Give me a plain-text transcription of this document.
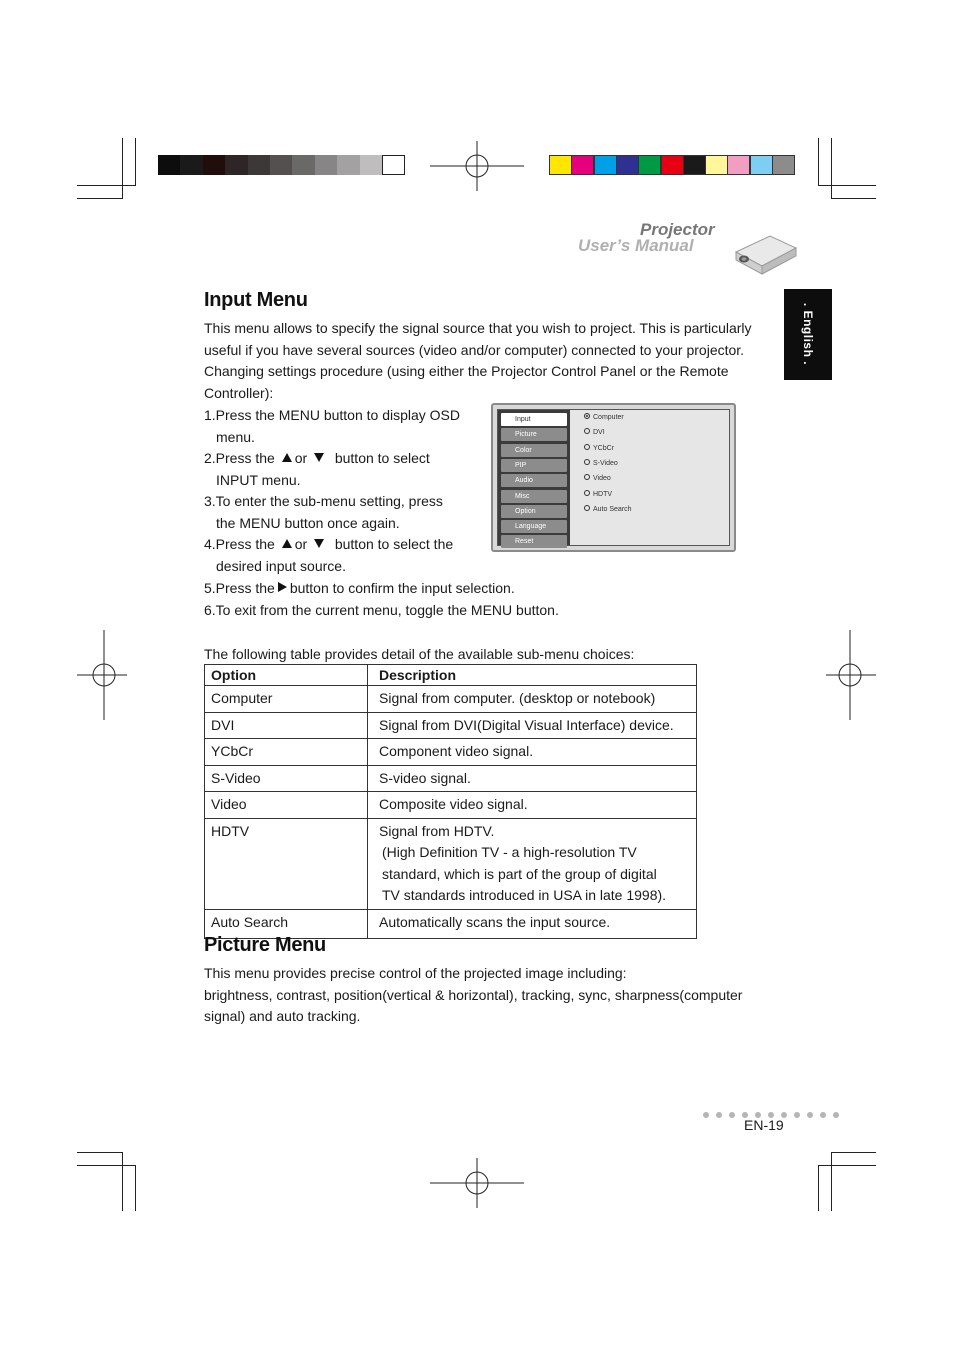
Projector
User’s Manual
. English .
Input Menu
This menu allows to specify the signal source that you wish to project. This is particularly
useful if you have several sources (video and/or computer) connected to your projector.
Changing settings procedure (using either the Projector Control Panel or the Remote
Controller):
1.Press the MENU button to display OSD
menu.
2.Press the or button to select
INPUT menu.
3.To enter the sub-menu setting, press
the MENU button once again.
4.Press the or button to select the
desired input source.
5.Press the button to confirm the input selection.
6.To exit from the current menu, toggle the MENU button.
Input
Picture
Color
PIP
Audio
Misc
Option
Language
Reset
Computer
DVI
YCbCr
S-Video
Video
HDTV
Auto Search
The following table provides detail of the available sub-menu choices:
Option	Description
Computer	Signal from computer. (desktop or notebook)
DVI	Signal from DVI(Digital Visual Interface) device.
YCbCr	Component video signal.
S-Video	S-video signal.
Video	Composite video signal.
HDTV	Signal from HDTV.
(High Definition TV - a high-resolution TV
standard, which is part of the group of digital
TV standards introduced in USA in late 1998).

Auto Search	Automatically scans the input source.
Picture Menu
This menu provides precise control of the projected image including:
brightness, contrast, position(vertical & horizontal), tracking, sync, sharpness(computer
signal) and auto tracking.
EN-19
